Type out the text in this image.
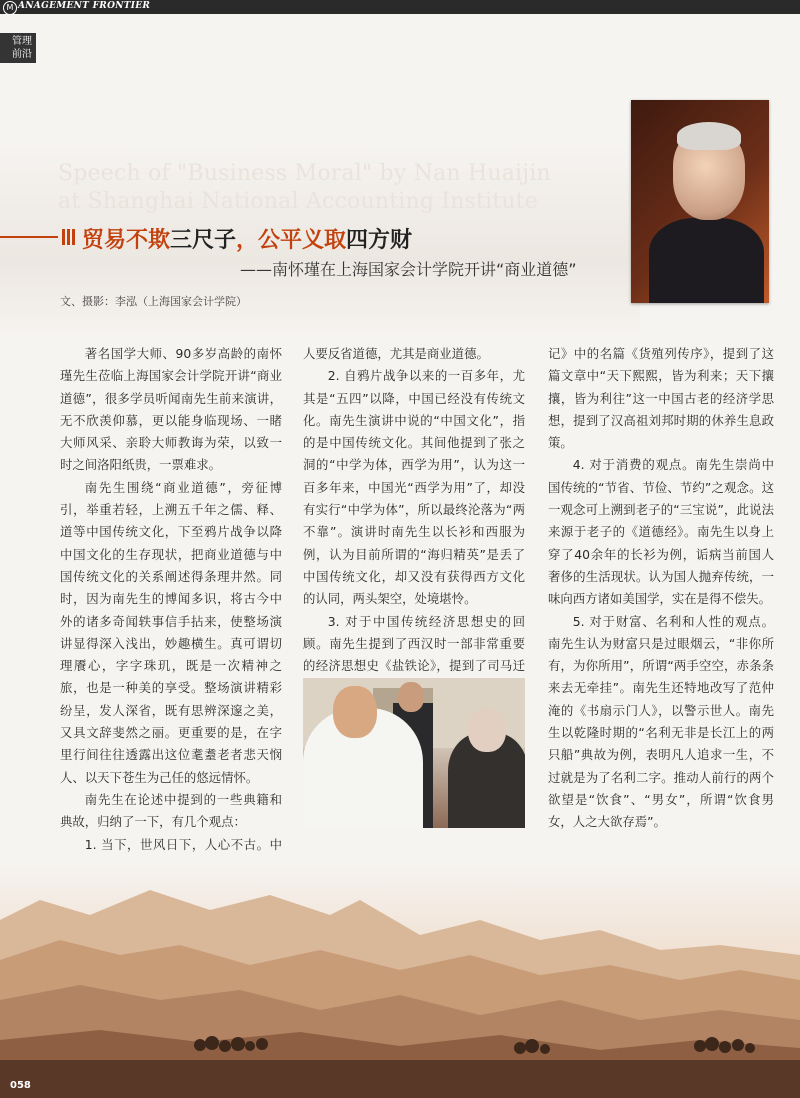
M ANAGEMENT FRONTIER
管理
前沿
Speech of "Business Moral" by Nan Huaijin
at Shanghai National Accounting Institute
贸易不欺三尺子，公平义取四方财
——南怀瑾在上海国家会计学院开讲“商业道德”
文、摄影：李泓（上海国家会计学院）

著名国学大师、90多岁高龄的南怀瑾先生莅临上海国家会计学院开讲“商业道德”，很多学员听闻南先生前来演讲，无不欣羡仰慕，更以能身临现场、一睹大师风采、亲聆大师教诲为荣，以致一时之间洛阳纸贵，一票难求。

南先生围绕“商业道德”，旁征博引，举重若轻，上溯五千年之儒、释、道等中国传统文化，下至鸦片战争以降中国文化的生存现状，把商业道德与中国传统文化的关系阐述得条理井然。同时，因为南先生的博闻多识，将古今中外的诸多奇闻轶事信手拈来，使整场演讲显得深入浅出，妙趣横生。真可谓切理餍心，字字珠玑，既是一次精神之旅，也是一种美的享受。整场演讲精彩纷呈，发人深省，既有思辨深邃之美，又具文辞斐然之丽。更重要的是，在字里行间往往透露出这位耄耋老者悲天悯人、以天下苍生为己任的悠远情怀。

南先生在论述中提到的一些典籍和典故，归纳了一下，有几个观点：

1. 当下，世风日下，人心不古。中

人要反省道德，尤其是商业道德。

2. 自鸦片战争以来的一百多年，尤其是“五四”以降，中国已经没有传统文化。南先生演讲中说的“中国文化”，指的是中国传统文化。其间他提到了张之洞的“中学为体，西学为用”，认为这一百多年来，中国光“西学为用”了，却没有实行“中学为体”，所以最终沦落为“两不靠”。演讲时南先生以长衫和西服为例，认为目前所谓的“海归精英”是丢了中国传统文化，却又没有获得西方文化的认同，两头架空，处境堪怜。

3. 对于中国传统经济思想史的回顾。南先生提到了西汉时一部非常重要的经济思想史《盐铁论》，提到了司马迁

记》中的名篇《货殖列传序》，提到了这篇文章中“天下熙熙，皆为利来；天下攘攘，皆为利往”这一中国古老的经济学思想，提到了汉高祖刘邦时期的休养生息政策。

4. 对于消费的观点。南先生崇尚中国传统的“节省、节俭、节约”之观念。这一观念可上溯到老子的“三宝说”，此说法来源于老子的《道德经》。南先生以身上穿了40余年的长衫为例，诟病当前国人奢侈的生活现状。认为国人抛弃传统，一味向西方诸如美国学，实在是得不偿失。

5. 对于财富、名利和人性的观点。南先生认为财富只是过眼烟云，“非你所有，为你所用”，所谓“两手空空，赤条条来去无牵挂”。南先生还特地改写了范仲淹的《书扇示门人》，以警示世人。南先生以乾隆时期的“名利无非是长江上的两只船”典故为例，表明凡人追求一生，不过就是为了名利二字。推动人前行的两个欲望是“饮食”、“男女”，所谓“饮食男女，人之大欲存焉”。

058
